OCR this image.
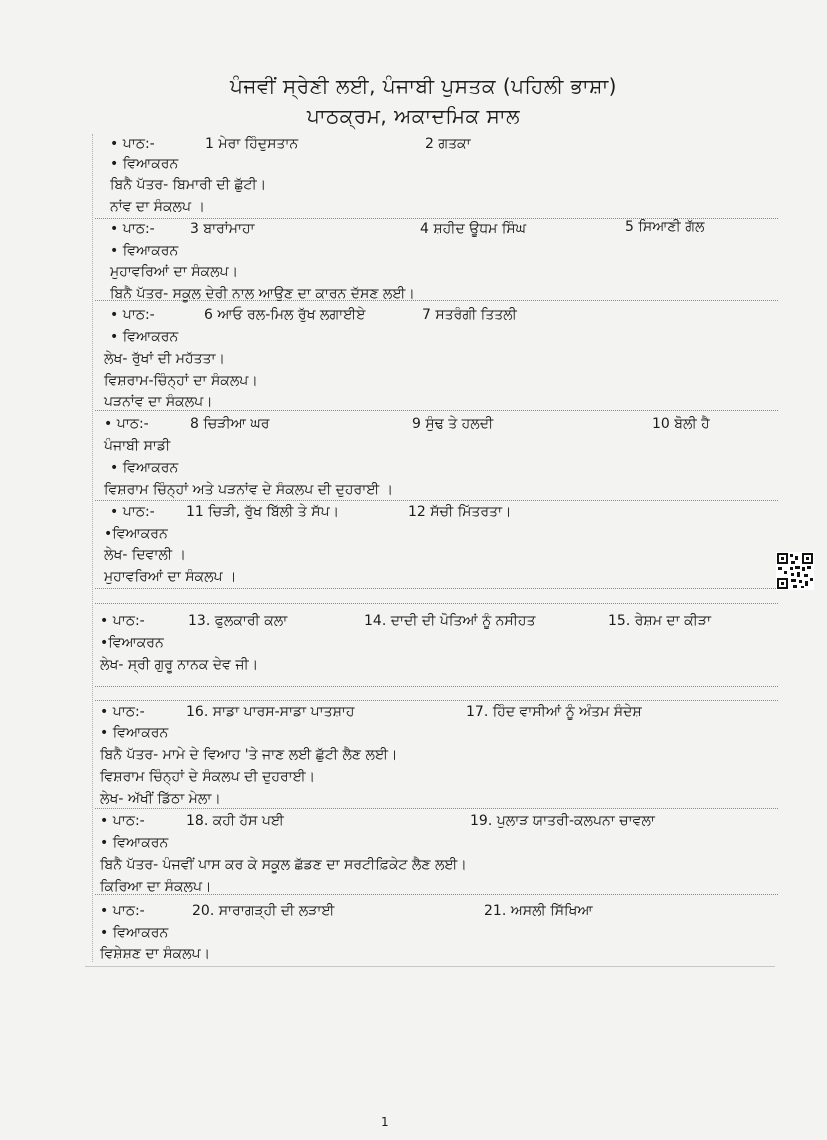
ਪੰਜਵੀਂ ਸ੍ਰੇਣੀ ਲਈ, ਪੰਜਾਬੀ ਪੁਸਤਕ (ਪਹਿਲੀ ਭਾਸ਼ਾ)
ਪਾਠਕ੍ਰਮ, ਅਕਾਦਮਿਕ ਸਾਲ
• ਪਾਠ:-	1 ਮੇਰਾ ਹਿੰਦੁਸਤਾਨ	2 ਗਤਕਾ
• ਵਿਆਕਰਨ
ਬਿਨੈ ਪੱਤਰ- ਬਿਮਾਰੀ ਦੀ ਛੁੱਟੀ।
ਨਾਂਵ ਦਾ ਸੰਕਲਪ ।
• ਪਾਠ:-	3 ਬਾਰਾਂਮਾਹਾ	4 ਸ਼ਹੀਦ ਊਧਮ ਸਿੰਘ	5 ਸਿਆਣੀ ਗੱਲ
• ਵਿਆਕਰਨ
ਮੁਹਾਵਰਿਆਂ ਦਾ ਸੰਕਲਪ।
ਬਿਨੈ ਪੱਤਰ- ਸਕੂਲ ਦੇਰੀ ਨਾਲ ਆਉਣ ਦਾ ਕਾਰਨ ਦੱਸਣ ਲਈ।
• ਪਾਠ:-	6 ਆਓ ਰਲ-ਮਿਲ ਰੁੱਖ ਲਗਾਈਏ	7 ਸਤਰੰਗੀ ਤਿਤਲੀ
• ਵਿਆਕਰਨ
ਲੇਖ- ਰੁੱਖਾਂ ਦੀ ਮਹੱਤਤਾ।
ਵਿਸ਼ਰਾਮ-ਚਿੰਨ੍ਹਾਂ ਦਾ ਸੰਕਲਪ।
ਪੜਨਾਂਵ ਦਾ ਸੰਕਲਪ।
• ਪਾਠ:-	8 ਚਿੜੀਆ ਘਰ	9 ਸੁੰਢ ਤੇ ਹਲਦੀ	10 ਬੋਲੀ ਹੈ
ਪੰਜਾਬੀ ਸਾਡੀ
• ਵਿਆਕਰਨ
ਵਿਸ਼ਰਾਮ ਚਿੰਨ੍ਹਾਂ ਅਤੇ ਪੜਨਾਂਵ ਦੇ ਸੰਕਲਪ ਦੀ ਦੁਹਰਾਈ ।
• ਪਾਠ:- 11 ਚਿੜੀ, ਰੁੱਖ ਬਿੱਲੀ ਤੇ ਸੱਪ।	12 ਸੱਚੀ ਮਿੱਤਰਤਾ।
•ਵਿਆਕਰਨ
ਲੇਖ- ਦਿਵਾਲੀ ।
ਮੁਹਾਵਰਿਆਂ ਦਾ ਸੰਕਲਪ ।
• ਪਾਠ:-	13. ਫੁਲਕਾਰੀ ਕਲਾ	14. ਦਾਦੀ ਦੀ ਪੋਤਿਆਂ ਨੂੰ ਨਸੀਹਤ	15. ਰੇਸ਼ਮ ਦਾ ਕੀੜਾ
•ਵਿਆਕਰਨ
ਲੇਖ- ਸ੍ਰੀ ਗੁਰੂ ਨਾਨਕ ਦੇਵ ਜੀ।
• ਪਾਠ:-	16. ਸਾਡਾ ਪਾਰਸ-ਸਾਡਾ ਪਾਤਸ਼ਾਹ	17. ਹਿੰਦ ਵਾਸੀਆਂ ਨੂੰ ਅੰਤਮ ਸੰਦੇਸ਼
• ਵਿਆਕਰਨ
ਬਿਨੈ ਪੱਤਰ- ਮਾਮੇ ਦੇ ਵਿਆਹ 'ਤੇ ਜਾਣ ਲਈ ਛੁੱਟੀ ਲੈਣ ਲਈ।
ਵਿਸ਼ਰਾਮ ਚਿੰਨ੍ਹਾਂ ਦੇ ਸੰਕਲਪ ਦੀ ਦੁਹਰਾਈ।
ਲੇਖ- ਅੱਖੀਂ ਡਿੱਠਾ ਮੇਲਾ।
• ਪਾਠ:-	18. ਕਹੀ ਹੱਸ ਪਈ	19. ਪੁਲਾੜ ਯਾਤਰੀ-ਕਲਪਨਾ ਚਾਵਲਾ
• ਵਿਆਕਰਨ
ਬਿਨੈ ਪੱਤਰ- ਪੰਜਵੀਂ ਪਾਸ ਕਰ ਕੇ ਸਕੂਲ ਛੱਡਣ ਦਾ ਸਰਟੀਫ਼ਿਕੇਟ ਲੈਣ ਲਈ।
ਕਿਰਿਆ ਦਾ ਸੰਕਲਪ।
• ਪਾਠ:-	20. ਸਾਰਾਗੜ੍ਹੀ ਦੀ ਲੜਾਈ	21. ਅਸਲੀ ਸਿੱਖਿਆ
• ਵਿਆਕਰਨ
ਵਿਸ਼ੇਸ਼ਣ ਦਾ ਸੰਕਲਪ।
1
